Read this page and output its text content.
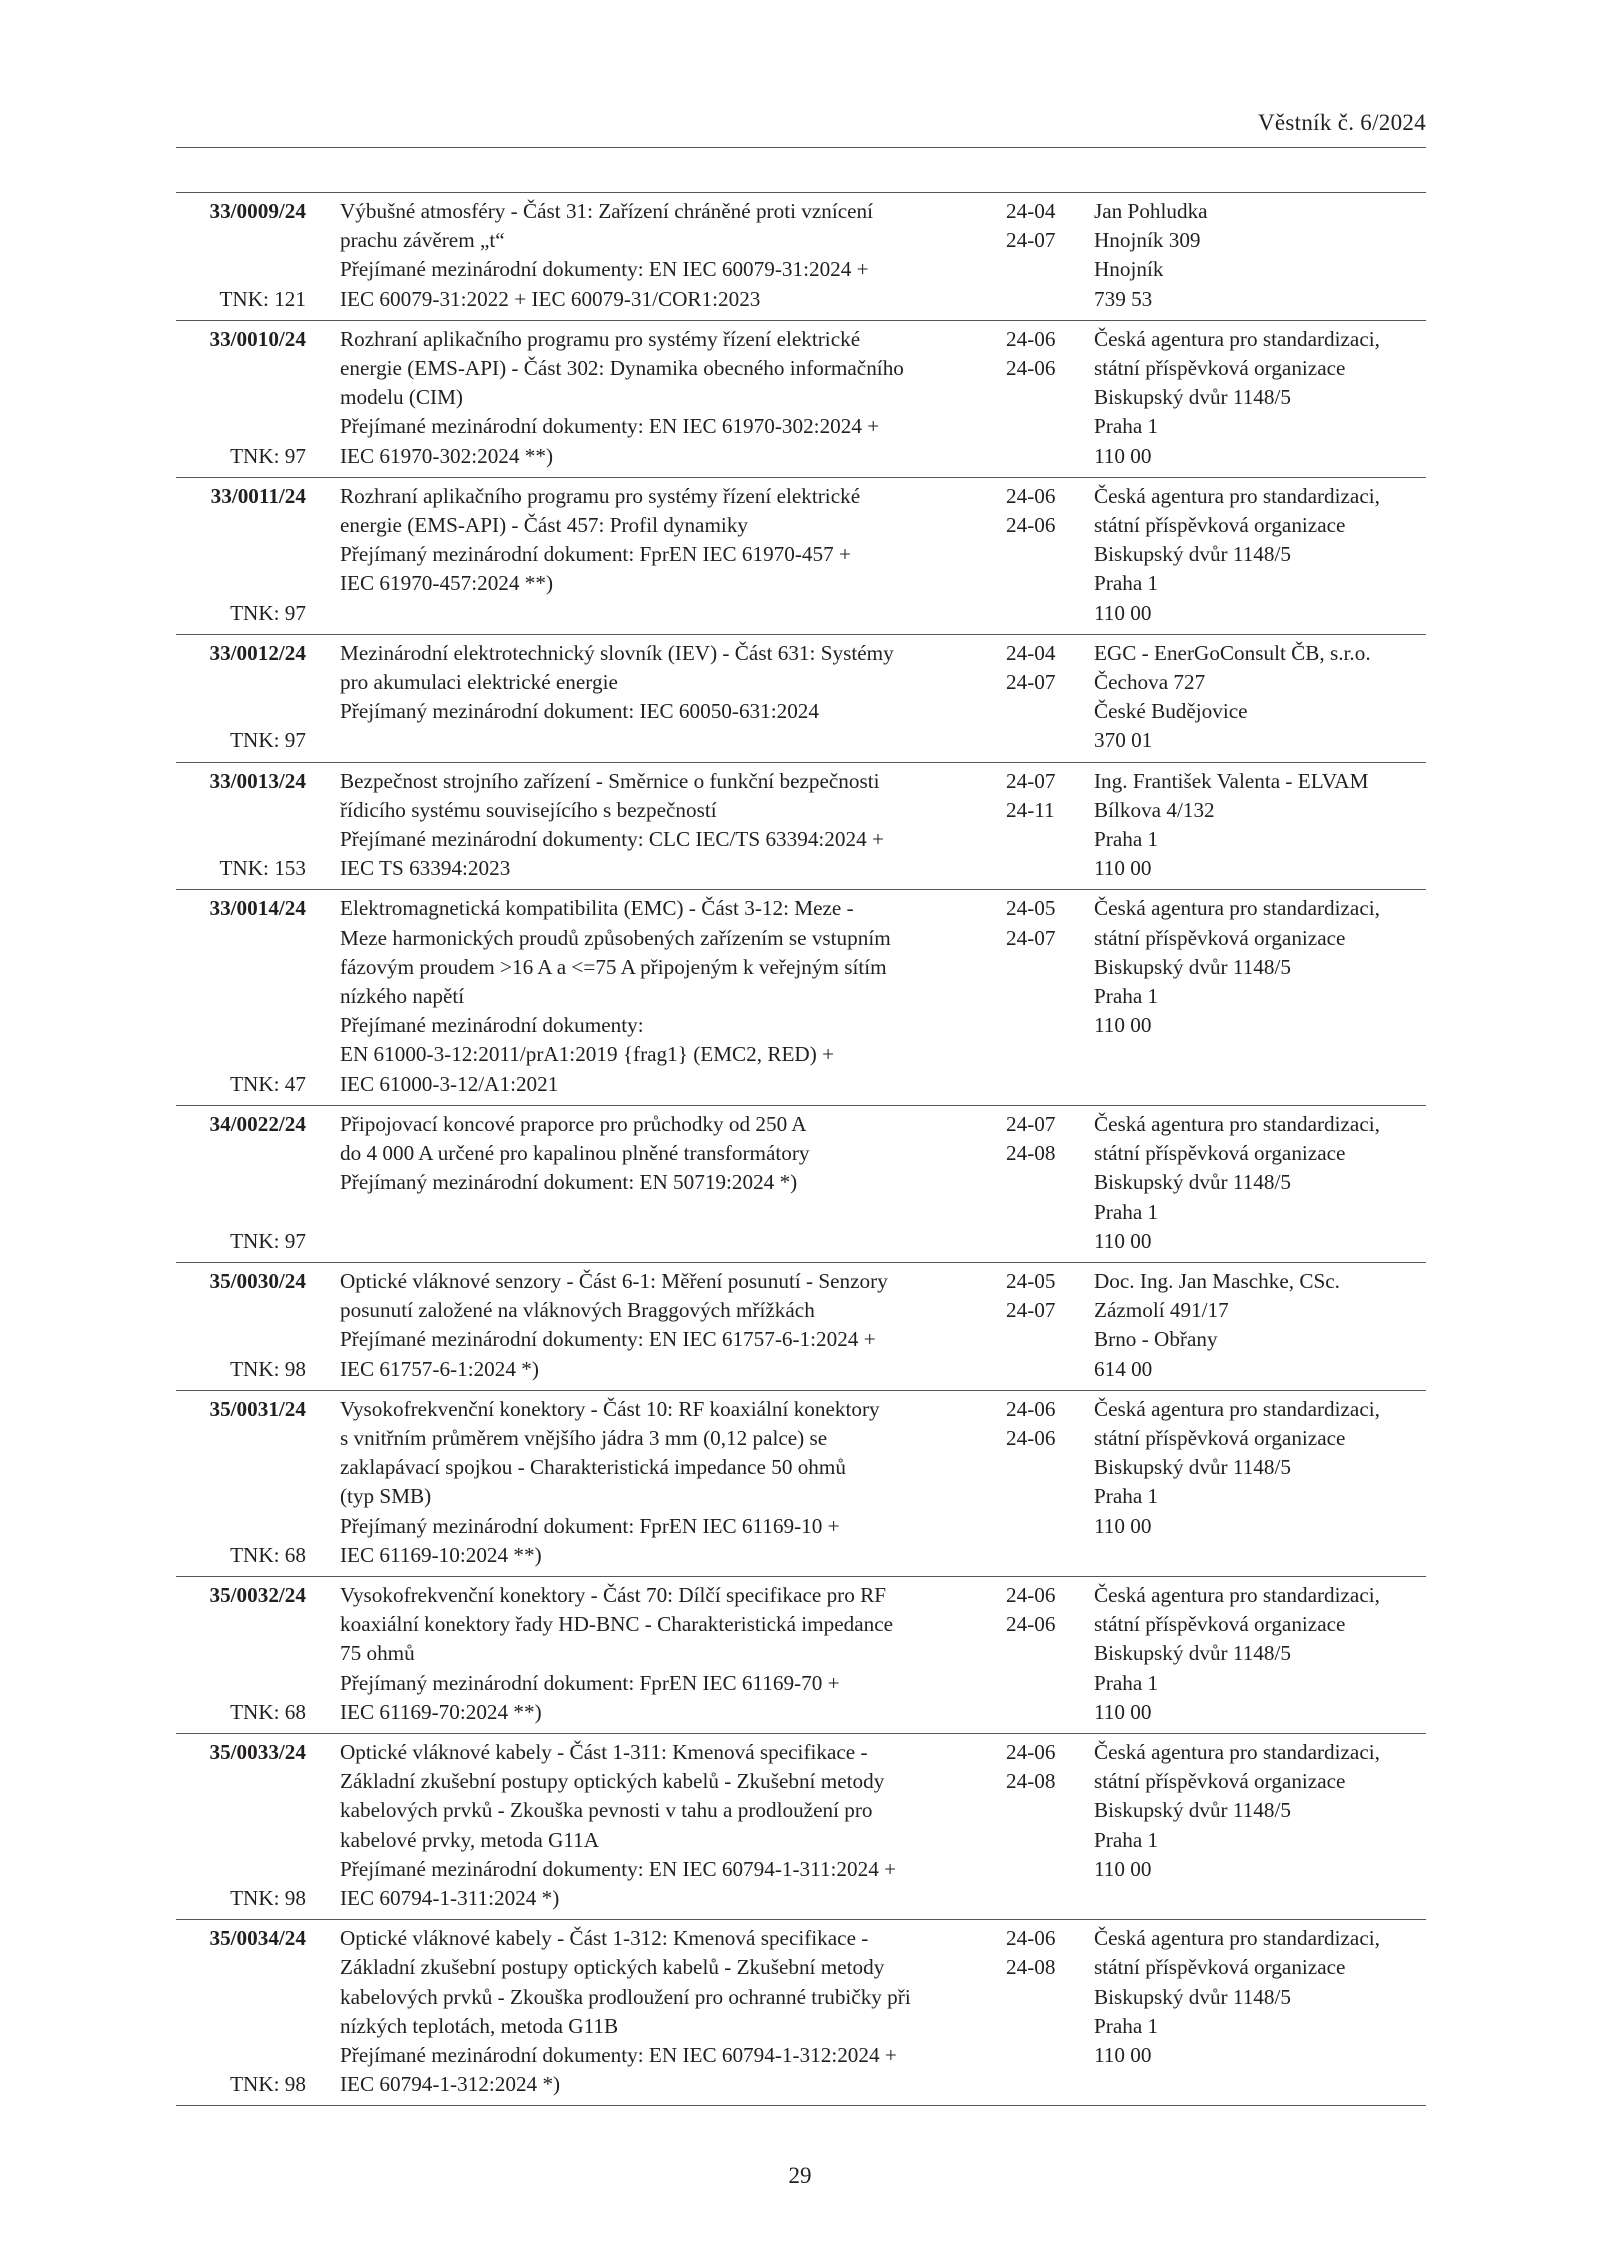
Věstník č. 6/2024
33/0009/24
TNK: 121
Výbušné atmosféry - Část 31: Zařízení chráněné proti vznícení
prachu závěrem „t“
Přejímané mezinárodní dokumenty: EN IEC 60079-31:2024 +
IEC 60079-31:2022 + IEC 60079-31/COR1:2023
24-04
24-07
Jan Pohludka
Hnojník 309
Hnojník
739 53
33/0010/24
TNK: 97
Rozhraní aplikačního programu pro systémy řízení elektrické
energie (EMS-API) - Část 302: Dynamika obecného informačního
modelu (CIM)
Přejímané mezinárodní dokumenty: EN IEC 61970-302:2024 +
IEC 61970-302:2024 **)
24-06
24-06
Česká agentura pro standardizaci,
státní příspěvková organizace
Biskupský dvůr 1148/5
Praha 1
110 00
33/0011/24
TNK: 97
Rozhraní aplikačního programu pro systémy řízení elektrické
energie (EMS-API) - Část 457: Profil dynamiky
Přejímaný mezinárodní dokument: FprEN IEC 61970-457 +
IEC 61970-457:2024 **)
24-06
24-06
Česká agentura pro standardizaci,
státní příspěvková organizace
Biskupský dvůr 1148/5
Praha 1
110 00
33/0012/24
TNK: 97
Mezinárodní elektrotechnický slovník (IEV) - Část 631: Systémy
pro akumulaci elektrické energie
Přejímaný mezinárodní dokument: IEC 60050-631:2024
24-04
24-07
EGC - EnerGoConsult ČB, s.r.o.
Čechova 727
České Budějovice
370 01
33/0013/24
TNK: 153
Bezpečnost strojního zařízení - Směrnice o funkční bezpečnosti
řídicího systému souvisejícího s bezpečností
Přejímané mezinárodní dokumenty: CLC IEC/TS 63394:2024 +
IEC TS 63394:2023
24-07
24-11
Ing. František Valenta - ELVAM
Bílkova 4/132
Praha 1
110 00
33/0014/24
TNK: 47
Elektromagnetická kompatibilita (EMC) - Část 3-12: Meze -
Meze harmonických proudů způsobených zařízením se vstupním
fázovým proudem >16 A a <=75 A připojeným k veřejným sítím
nízkého napětí
Přejímané mezinárodní dokumenty:
EN 61000-3-12:2011/prA1:2019 {frag1} (EMC2, RED) +
IEC 61000-3-12/A1:2021
24-05
24-07
Česká agentura pro standardizaci,
státní příspěvková organizace
Biskupský dvůr 1148/5
Praha 1
110 00
34/0022/24
TNK: 97
Připojovací koncové praporce pro průchodky od 250 A
do 4 000 A určené pro kapalinou plněné transformátory
Přejímaný mezinárodní dokument: EN 50719:2024 *)
24-07
24-08
Česká agentura pro standardizaci,
státní příspěvková organizace
Biskupský dvůr 1148/5
Praha 1
110 00
35/0030/24
TNK: 98
Optické vláknové senzory - Část 6-1: Měření posunutí - Senzory
posunutí založené na vláknových Braggových mřížkách
Přejímané mezinárodní dokumenty: EN IEC 61757-6-1:2024 +
IEC 61757-6-1:2024 *)
24-05
24-07
Doc. Ing. Jan Maschke, CSc.
Zázmolí 491/17
Brno - Obřany
614 00
35/0031/24
TNK: 68
Vysokofrekvenční konektory - Část 10: RF koaxiální konektory
s vnitřním průměrem vnějšího jádra 3 mm (0,12 palce) se
zaklapávací spojkou - Charakteristická impedance 50 ohmů
(typ SMB)
Přejímaný mezinárodní dokument: FprEN IEC 61169-10 +
IEC 61169-10:2024 **)
24-06
24-06
Česká agentura pro standardizaci,
státní příspěvková organizace
Biskupský dvůr 1148/5
Praha 1
110 00
35/0032/24
TNK: 68
Vysokofrekvenční konektory - Část 70: Dílčí specifikace pro RF
koaxiální konektory řady HD-BNC - Charakteristická impedance
75 ohmů
Přejímaný mezinárodní dokument: FprEN IEC 61169-70 +
IEC 61169-70:2024 **)
24-06
24-06
Česká agentura pro standardizaci,
státní příspěvková organizace
Biskupský dvůr 1148/5
Praha 1
110 00
35/0033/24
TNK: 98
Optické vláknové kabely - Část 1-311: Kmenová specifikace -
Základní zkušební postupy optických kabelů - Zkušební metody
kabelových prvků - Zkouška pevnosti v tahu a prodloužení pro
kabelové prvky, metoda G11A
Přejímané mezinárodní dokumenty: EN IEC 60794-1-311:2024 +
IEC 60794-1-311:2024 *)
24-06
24-08
Česká agentura pro standardizaci,
státní příspěvková organizace
Biskupský dvůr 1148/5
Praha 1
110 00
35/0034/24
TNK: 98
Optické vláknové kabely - Část 1-312: Kmenová specifikace -
Základní zkušební postupy optických kabelů - Zkušební metody
kabelových prvků - Zkouška prodloužení pro ochranné trubičky při
nízkých teplotách, metoda G11B
Přejímané mezinárodní dokumenty: EN IEC 60794-1-312:2024 +
IEC 60794-1-312:2024 *)
24-06
24-08
Česká agentura pro standardizaci,
státní příspěvková organizace
Biskupský dvůr 1148/5
Praha 1
110 00
29
